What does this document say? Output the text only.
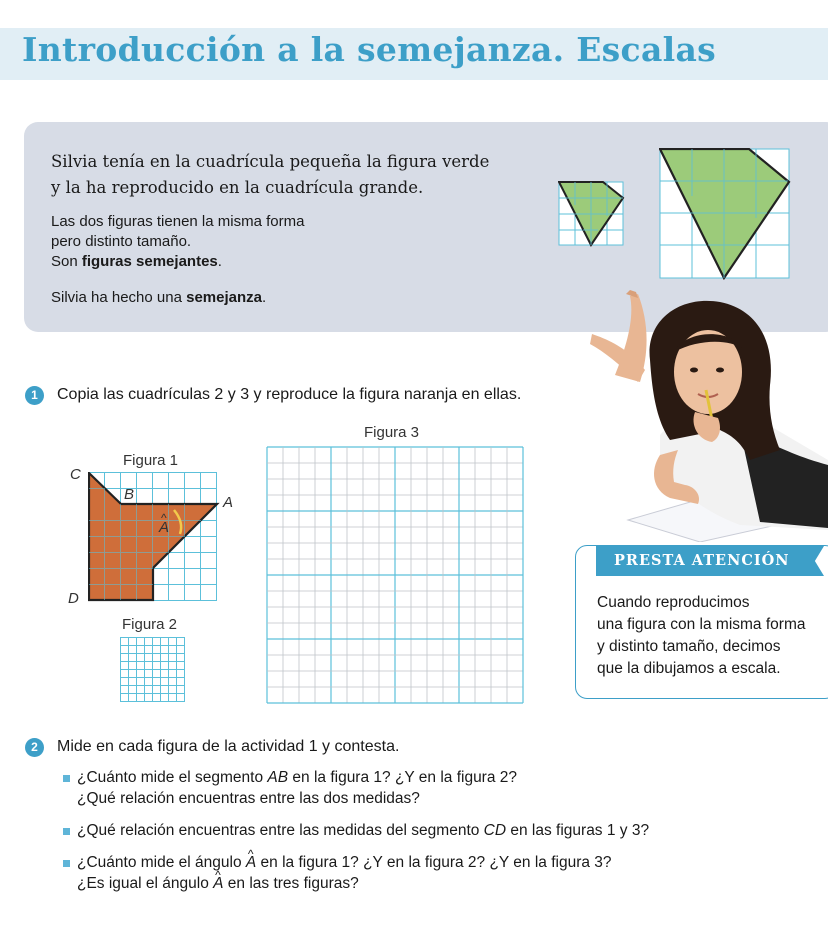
Introducción a la semejanza. Escalas
Silvia tenía en la cuadrícula pequeña la figura verde
y la ha reproducido en la cuadrícula grande.
Las dos figuras tienen la misma forma
pero distinto tamaño.
Son figuras semejantes.
Silvia ha hecho una semejanza.
1	Copia las cuadrículas 2 y 3 y reproduce la figura naranja en ellas.
Figura 1
Figura 3
Figura 2
C
B	A
D
^ A
PRESTA ATENCIÓN
Cuando reproducimos
una figura con la misma forma
y distinto tamaño, decimos
que la dibujamos a escala.
2	Mide en cada figura de la actividad 1 y contesta.
¿Cuánto mide el segmento AB en la figura 1? ¿Y en la figura 2?
¿Qué relación encuentras entre las dos medidas?
¿Qué relación encuentras entre las medidas del segmento CD en las figuras 1 y 3?
¿Cuánto mide el ángulo ^ A en la figura 1? ¿Y en la figura 2? ¿Y en la figura 3?
¿Es igual el ángulo ^ A en las tres figuras?
